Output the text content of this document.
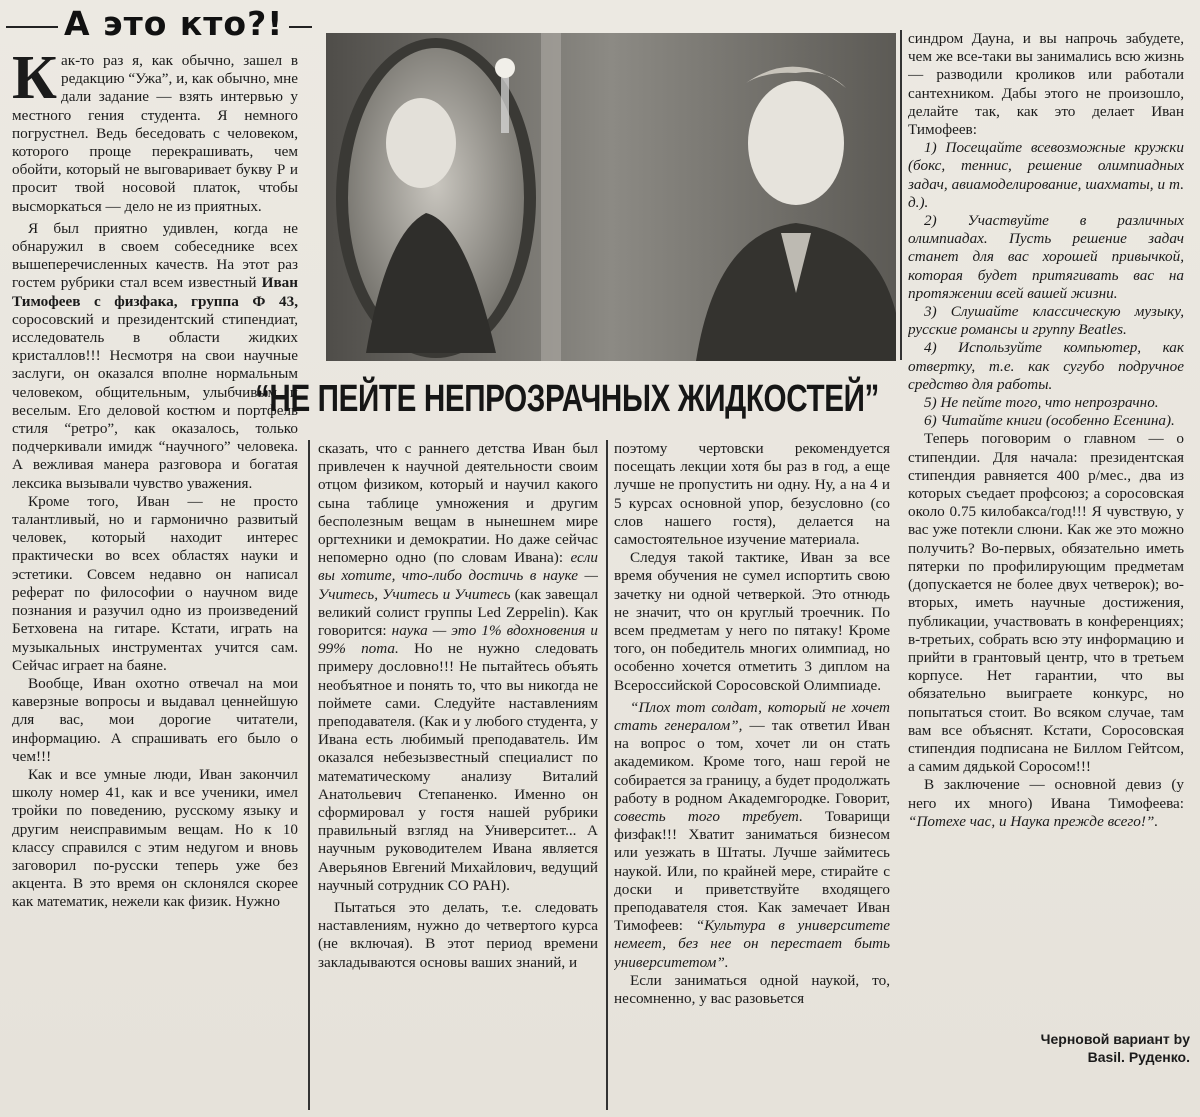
А это кто?!

Как-то раз я, как обычно, зашел в редакцию “Ужа”, и, как обычно, мне дали задание — взять интервью у местного гения студента. Я немного погрустнел. Ведь беседовать с человеком, которого проще перекрашивать, чем обойти, который не выговаривает букву Р и просит твой носовой платок, чтобы высморкаться — дело не из приятных.

Я был приятно удивлен, когда не обнаружил в своем собеседнике всех вышеперечисленных качеств. На этот раз гостем рубрики стал всем известный Иван Тимофеев с физфака, группа Ф 43, соросовский и президентский стипендиат, исследователь в области жидких кристаллов!!! Несмотря на свои научные заслуги, он оказался вполне нормальным человеком, общительным, улыбчивым и веселым. Его деловой костюм и портфель стиля “ретро”, как оказалось, только подчеркивали имидж “научного” человека. А вежливая манера разговора и богатая лексика вызывали чувство уважения.

Кроме того, Иван — не просто талантливый, но и гармонично развитый человек, который находит интерес практически во всех областях науки и эстетики. Совсем недавно он написал реферат по философии о научном виде познания и разучил одно из произведений Бетховена на гитаре. Кстати, играть на музыкальных инструментах учится сам. Сейчас играет на баяне.

Вообще, Иван охотно отвечал на мои каверзные вопросы и выдавал ценнейшую для вас, мои дорогие читатели, информацию. А спрашивать его было о чем!!!

Как и все умные люди, Иван закончил школу номер 41, как и все ученики, имел тройки по поведению, русскому языку и другим неисправимым вещам. Но к 10 классу справился с этим недугом и вновь заговорил по-русски теперь уже без акцента. В это время он склонялся скорее как математик, нежели как физик. Нужно

“НЕ ПЕЙТЕ НЕПРОЗРАЧНЫХ ЖИДКОСТЕЙ”

сказать, что с раннего детства Иван был привлечен к научной деятельности своим отцом физиком, который и научил какого сына таблице умножения и другим бесполезным вещам в нынешнем мире оргтехники и демократии. Но даже сейчас непомерно одно (по словам Ивана): если вы хотите, что-либо достичь в науке — Учитесь, Учитесь и Учитесь (как завещал великий солист группы Led Zeppelin). Как говорится: наука — это 1% вдохновения и 99% пота. Но не нужно следовать примеру дословно!!! Не пытайтесь объять необъятное и понять то, что вы никогда не поймете сами. Следуйте наставлениям преподавателя. (Как и у любого студента, у Ивана есть любимый преподаватель. Им оказался небезызвестный специалист по математическому анализу Виталий Анатольевич Степаненко. Именно он сформировал у гостя нашей рубрики правильный взгляд на Университет... А научным руководителем Ивана является Аверьянов Евгений Михайлович, ведущий научный сотрудник СО РАН).

Пытаться это делать, т.е. следовать наставлениям, нужно до четвертого курса (не включая). В этот период времени закладываются основы ваших знаний, и

поэтому чертовски рекомендуется посещать лекции хотя бы раз в год, а еще лучше не пропустить ни одну. Ну, а на 4 и 5 курсах основной упор, безусловно (со слов нашего гостя), делается на самостоятельное изучение материала.

Следуя такой тактике, Иван за все время обучения не сумел испортить свою зачетку ни одной четверкой. Это отнюдь не значит, что он круглый троечник. По всем предметам у него по пятаку! Кроме того, он победитель многих олимпиад, но особенно хочется отметить 3 диплом на Всероссийской Соросовской Олимпиаде.

“Плох тот солдат, который не хочет стать генералом”, — так ответил Иван на вопрос о том, хочет ли он стать академиком. Кроме того, наш герой не собирается за границу, а будет продолжать работу в родном Академгородке. Говорит, совесть того требует. Товарищи физфак!!! Хватит заниматься бизнесом или уезжать в Штаты. Лучше займитесь наукой. Или, по крайней мере, стирайте с доски и приветствуйте входящего преподавателя стоя. Как замечает Иван Тимофеев: “Культура в университете немеет, без нее он перестает быть университетом”.

Если заниматься одной наукой, то, несомненно, у вас разовьется

синдром Дауна, и вы напрочь забудете, чем же все-таки вы занимались всю жизнь — разводили кроликов или работали сантехником. Дабы этого не произошло, делайте так, как это делает Иван Тимофеев:

1) Посещайте всевозможные кружки (бокс, теннис, решение олимпиадных задач, авиамоделирование, шахматы, и т. д.).

2) Участвуйте в различных олимпиадах. Пусть решение задач станет для вас хорошей привычкой, которая будет притягивать вас на протяжении всей вашей жизни.

3) Слушайте классическую музыку, русские романсы и группу Beatles.

4) Используйте компьютер, как отвертку, т.е. как сугубо подручное средство для работы.

5) Не пейте того, что непрозрачно.

6) Читайте книги (особенно Есенина).

Теперь поговорим о главном — о стипендии. Для начала: президентская стипендия равняется 400 р/мес., два из которых съедает профсоюз; а соросовская около 0.75 килобакса/год!!! Я чувствую, у вас уже потекли слюни. Как же это можно получить? Во-первых, обязательно иметь пятерки по профилирующим предметам (допускается не более двух четверок); во-вторых, иметь научные достижения, публикации, участвовать в конференциях; в-третьих, собрать всю эту информацию и прийти в грантовый центр, что в третьем корпусе. Нет гарантии, что вы обязательно выиграете конкурс, но попытаться стоит. Во всяком случае, там вам все объяснят. Кстати, Соросовская стипендия подписана не Биллом Гейтсом, а самим дядькой Соросом!!!

В заключение — основной девиз (у него их много) Ивана Тимофеева: “Потехе час, и Наука прежде всего!”.

Черновой вариант by
Basil. Руденко.
